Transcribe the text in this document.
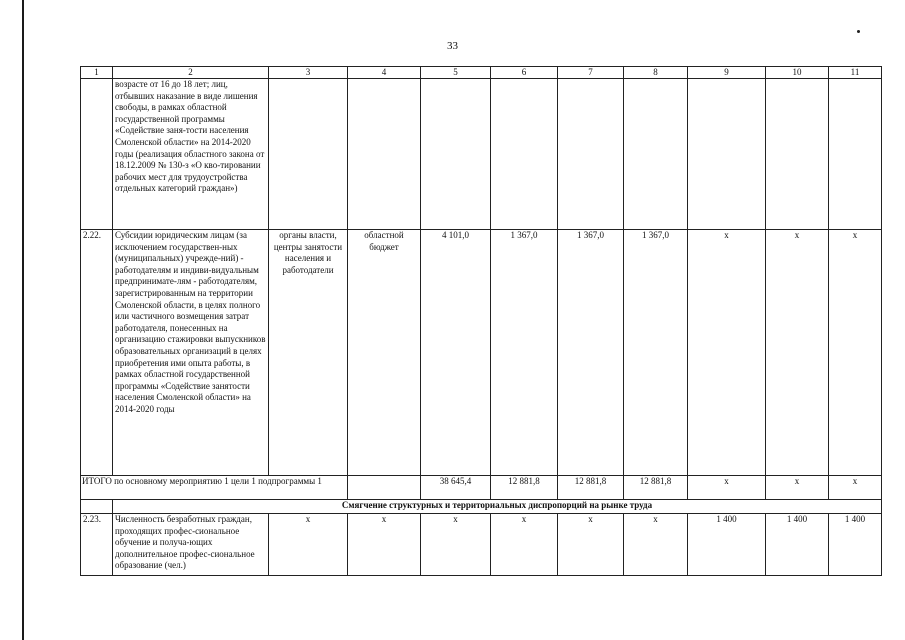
33
1	2	3	4	5	6	7	8	9	10	11
	возрасте от 16 до 18 лет; лиц, отбывших наказание в виде лишения свободы, в рамках областной государственной программы «Содействие заня-тости населения Смоленской области» на 2014-2020 годы (реализация областного закона от 18.12.2009 № 130-з «О кво-тировании рабочих мест для трудоустройства отдельных категорий граждан»)									
2.22.	Субсидии юридическим лицам (за исключением государствен-ных (муниципальных) учрежде-ний) - работодателям и индиви-видуальным предпринимате-лям - работодателям, зарегистрированным на территории Смоленской области, в целях полного или частичного возмещения затрат работодателя, понесенных на организацию стажировки выпускников образовательных организаций в целях приобретения ими опыта работы, в рамках областной государственной программы «Содействие занятости населения Смоленской области» на 2014-2020 годы	органы власти, центры занятости населения и работодатели	областной бюджет	4 101,0	1 367,0	1 367,0	1 367,0	x	x	x
ИТОГО по основному мероприятию 1 цели 1 подпрограммы 1				38 645,4	12 881,8	12 881,8	12 881,8	x	x	x
	Смягчение структурных и территориальных диспропорций на рынке труда									
2.23.	Численность безработных граждан, проходящих профес-сиональное обучение и получа-ющих дополнительное профес-сиональное образование (чел.)	x	x	x	x	x	x	1 400	1 400	1 400
